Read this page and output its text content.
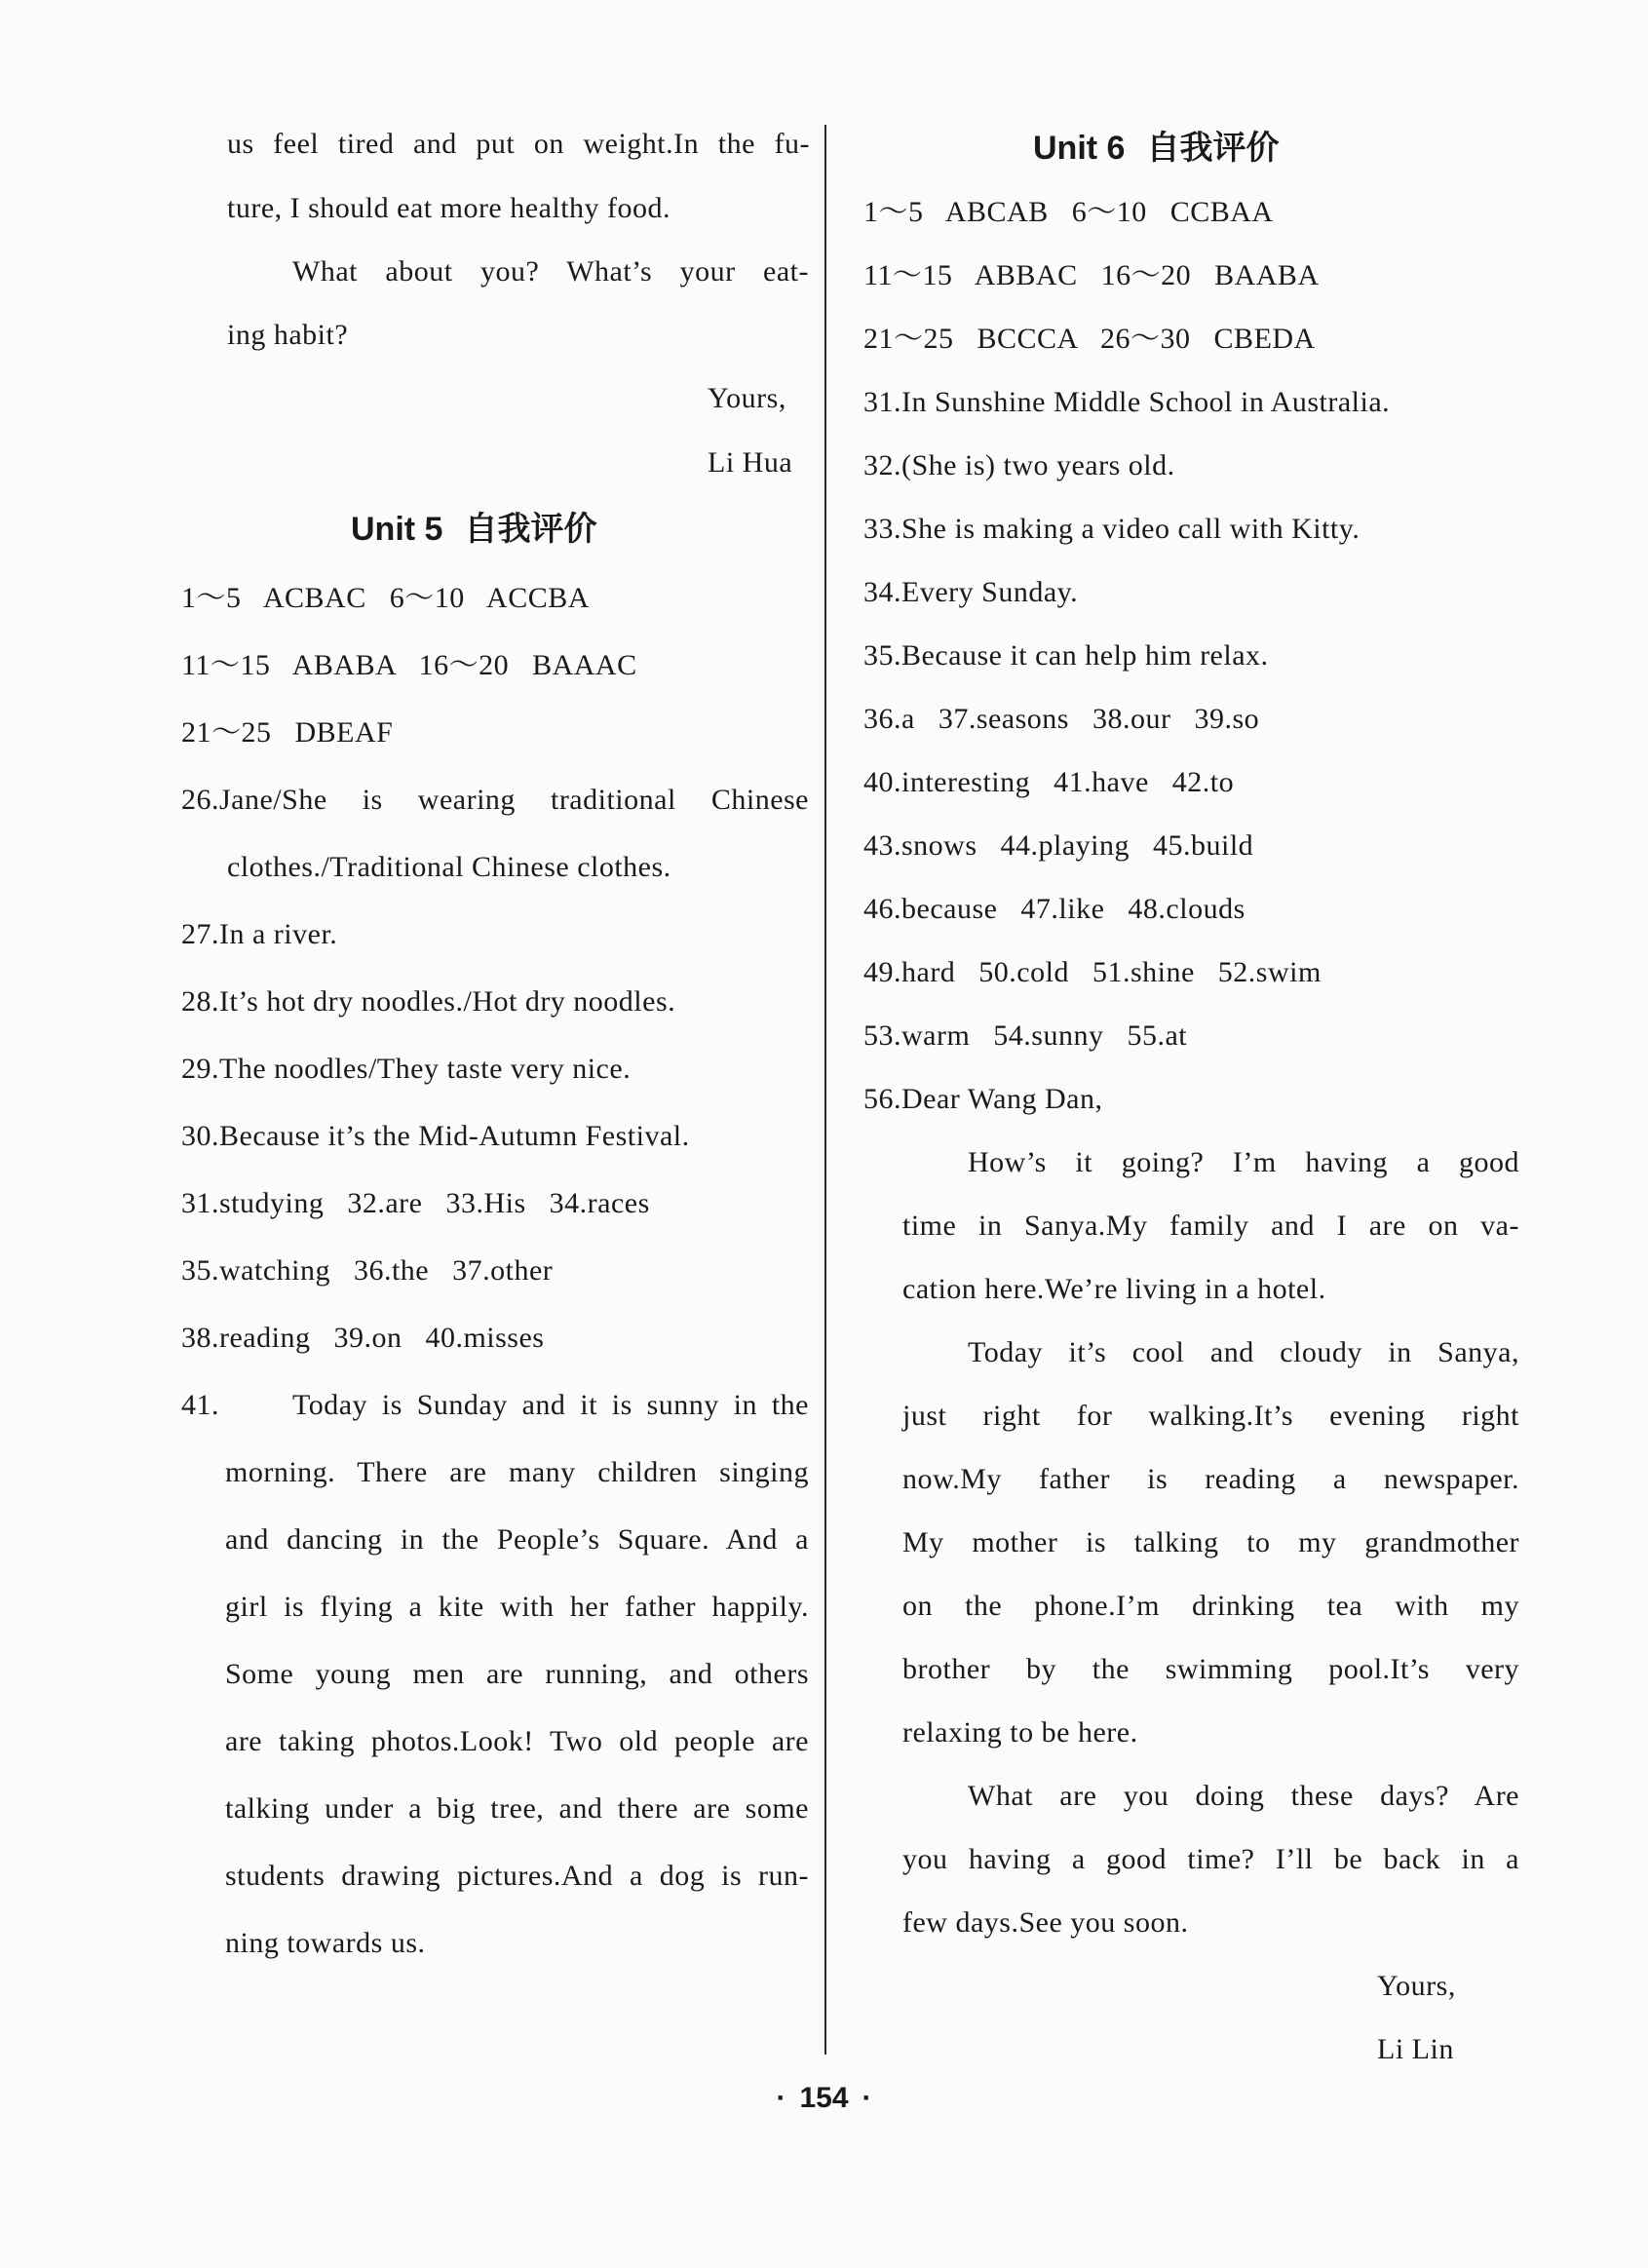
us feel tired and put on weight.In the fu-
ture, I should eat more healthy food.
What about you? What’s your eat-
ing habit?
Yours,
Li Hua
Unit 5 自我评价
1～5   ACBAC   6～10   ACCBA
11～15   ABABA   16～20   BAAAC
21～25   DBEAF
26.Jane/She is wearing traditional Chinese
clothes./Traditional Chinese clothes.
27.In a river.
28.It’s hot dry noodles./Hot dry noodles.
29.The noodles/They taste very nice.
30.Because it’s the Mid-Autumn Festival.
31.studying   32.are   33.His   34.races
35.watching   36.the   37.other
38.reading   39.on   40.misses
41.	Today is Sunday and it is sunny in the
morning. There are many children singing
and dancing in the People’s Square. And a
girl is flying a kite with her father happily.
Some young men are running, and others
are taking photos.Look! Two old people are
talking under a big tree, and there are some
students drawing pictures.And a dog is run-
ning towards us.
Unit 6 自我评价
1～5   ABCAB   6～10   CCBAA
11～15   ABBAC   16～20   BAABA
21～25   BCCCA   26～30   CBEDA
31.In Sunshine Middle School in Australia.
32.(She is) two years old.
33.She is making a video call with Kitty.
34.Every Sunday.
35.Because it can help him relax.
36.a   37.seasons   38.our   39.so
40.interesting   41.have   42.to
43.snows   44.playing   45.build
46.because   47.like   48.clouds
49.hard   50.cold   51.shine   52.swim
53.warm   54.sunny   55.at
56.Dear Wang Dan,
How’s it going? I’m having a good
time in Sanya.My family and I are on va-
cation here.We’re living in a hotel.
Today it’s cool and cloudy in Sanya,
just right for walking.It’s evening right
now.My father is reading a newspaper.
My mother is talking to my grandmother
on the phone.I’m drinking tea with my
brother by the swimming pool.It’s very
relaxing to be here.
What are you doing these days? Are
you having a good time? I’ll be back in a
few days.See you soon.
Yours,
Li Lin
· 154 ·
